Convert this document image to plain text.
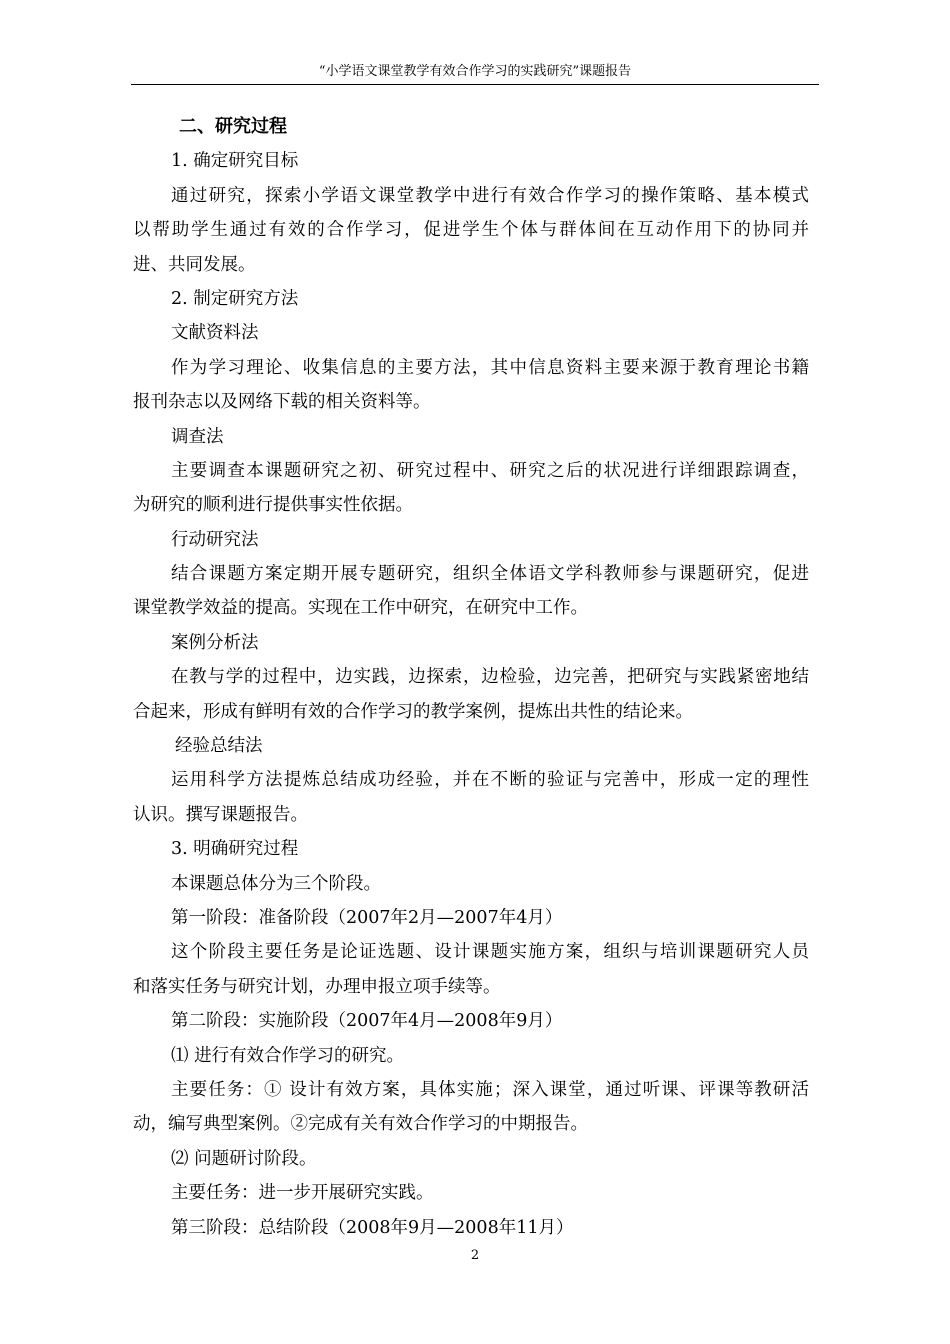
“小学语文课堂教学有效合作学习的实践研究”课题报告
二、研究过程
1. 确定研究目标
通过研究，探索小学语文课堂教学中进行有效合作学习的操作策略、基本模式
以帮助学生通过有效的合作学习，促进学生个体与群体间在互动作用下的协同并
进、共同发展。
2. 制定研究方法
文献资料法
作为学习理论、收集信息的主要方法，其中信息资料主要来源于教育理论书籍
报刊杂志以及网络下载的相关资料等。
调查法
主要调查本课题研究之初、研究过程中、研究之后的状况进行详细跟踪调查，
为研究的顺利进行提供事实性依据。
行动研究法
结合课题方案定期开展专题研究，组织全体语文学科教师参与课题研究，促进
课堂教学效益的提高。实现在工作中研究，在研究中工作。
案例分析法
在教与学的过程中，边实践，边探索，边检验，边完善，把研究与实践紧密地结
合起来，形成有鲜明有效的合作学习的教学案例，提炼出共性的结论来。
经验总结法
运用科学方法提炼总结成功经验，并在不断的验证与完善中，形成一定的理性
认识。撰写课题报告。
3. 明确研究过程
本课题总体分为三个阶段。
第一阶段：准备阶段（2007年2月—2007年4月）
这个阶段主要任务是论证选题、设计课题实施方案，组织与培训课题研究人员
和落实任务与研究计划，办理申报立项手续等。
第二阶段：实施阶段（2007年4月—2008年9月）
⑴ 进行有效合作学习的研究。
主要任务：① 设计有效方案，具体实施；深入课堂，通过听课、评课等教研活
动，编写典型案例。②完成有关有效合作学习的中期报告。
⑵ 问题研讨阶段。
主要任务：进一步开展研究实践。
第三阶段：总结阶段（2008年9月—2008年11月）
2
